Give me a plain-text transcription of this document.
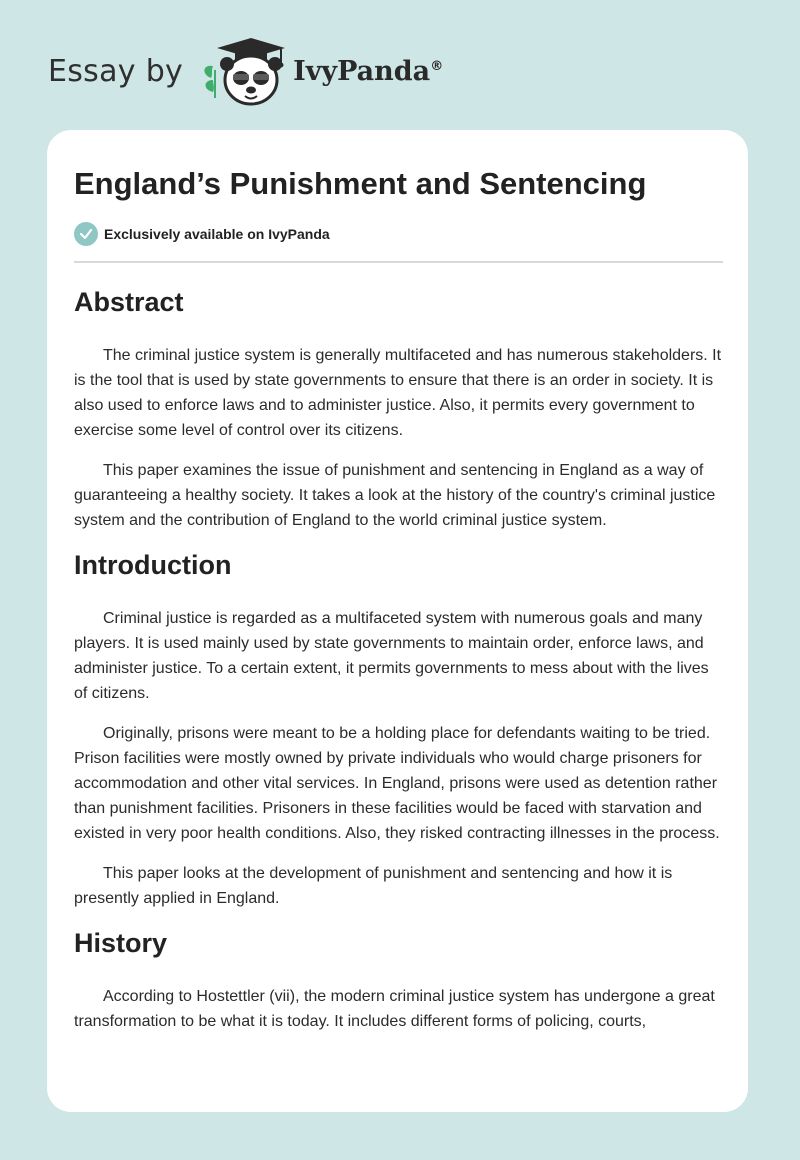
Essay by	IvyPanda®
England’s Punishment and Sentencing
Exclusively available on IvyPanda
Abstract

The criminal justice system is generally multifaceted and has numerous stakeholders. It is the tool that is used by state governments to ensure that there is an order in society. It is also used to enforce laws and to administer justice. Also, it permits every government to exercise some level of control over its citizens.

This paper examines the issue of punishment and sentencing in England as a way of guaranteeing a healthy society. It takes a look at the history of the country's criminal justice system and the contribution of England to the world criminal justice system.

Introduction

Criminal justice is regarded as a multifaceted system with numerous goals and many players. It is used mainly used by state governments to maintain order, enforce laws, and administer justice. To a certain extent, it permits governments to mess about with the lives of citizens.

Originally, prisons were meant to be a holding place for defendants waiting to be tried. Prison facilities were mostly owned by private individuals who would charge prisoners for accommodation and other vital services. In England, prisons were used as detention rather than punishment facilities. Prisoners in these facilities would be faced with starvation and existed in very poor health conditions. Also, they risked contracting illnesses in the process.

This paper looks at the development of punishment and sentencing and how it is presently applied in England.

History

According to Hostettler (vii), the modern criminal justice system has undergone a great transformation to be what it is today. It includes different forms of policing, courts,
